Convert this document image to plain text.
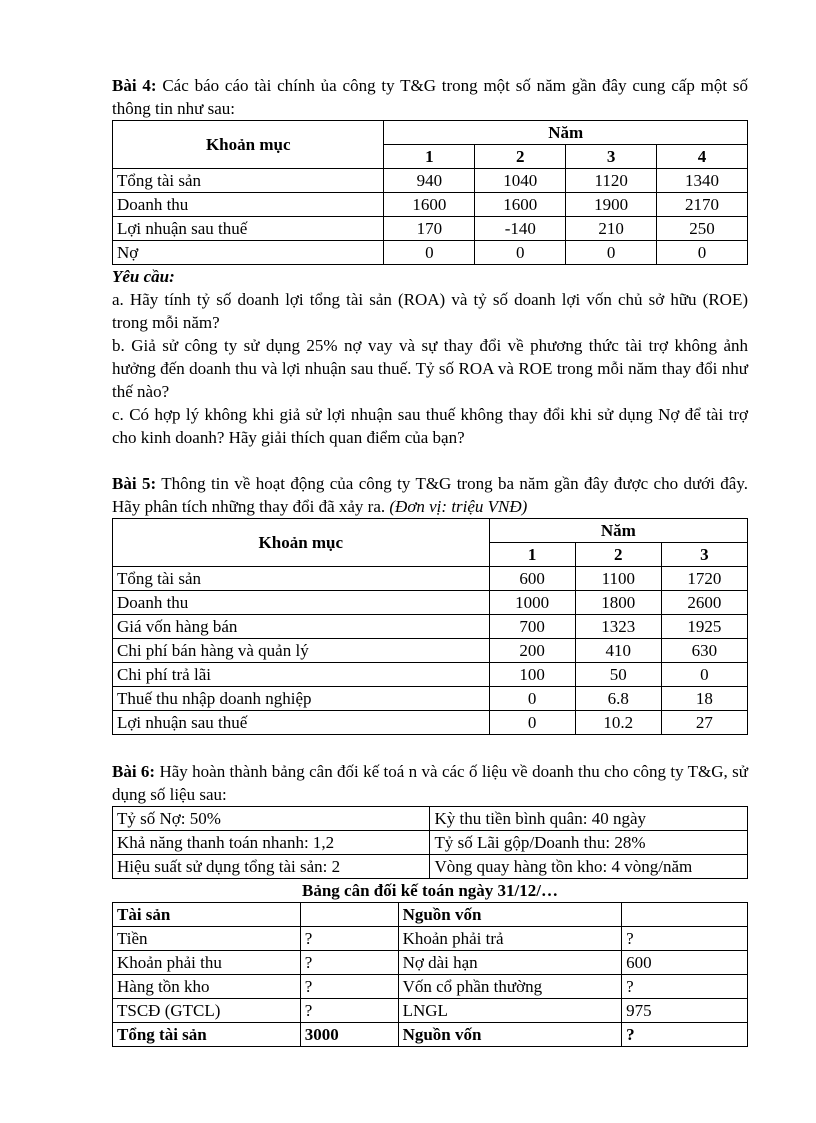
Bài 4: Các báo cáo tài chính ủa công ty T&G trong một số năm gần đây cung cấp một số thông tin như sau:

Khoản mục	Năm			
	1	2	3	4
Tổng tài sản	940	1040	1120	1340
Doanh thu	1600	1600	1900	2170
Lợi nhuận sau thuế	170	-140	210	250
Nợ	0	0	0	0

Yêu cầu:

a. Hãy tính tỷ số doanh lợi tổng tài sản (ROA) và tỷ số doanh lợi vốn chủ sở hữu (ROE) trong mỗi năm?

b. Giả sử công ty sử dụng 25% nợ vay và sự thay đổi về phương thức tài trợ không ảnh hưởng đến doanh thu và lợi nhuận sau thuế. Tỷ số ROA và ROE trong mỗi năm thay đổi như thế nào?

c. Có hợp lý không khi giả sử lợi nhuận sau thuế không thay đổi khi sử dụng Nợ để tài trợ cho kinh doanh? Hãy giải thích quan điểm của bạn?

Bài 5: Thông tin về hoạt động của công ty T&G trong ba năm gần đây được cho dưới đây. Hãy phân tích những thay đổi đã xảy ra. (Đơn vị: triệu VNĐ)

Khoản mục	Năm		
	1	2	3
Tổng tài sản	600	1100	1720
Doanh thu	1000	1800	2600
Giá vốn hàng bán	700	1323	1925
Chi phí bán hàng và quản lý	200	410	630
Chi phí trả lãi	100	50	0
Thuế thu nhập doanh nghiệp	0	6.8	18
Lợi nhuận sau thuế	0	10.2	27

Bài 6: Hãy hoàn thành bảng cân đối kế toá n và các ố liệu về doanh thu cho công ty T&G, sử dụng số liệu sau:

Tỷ số Nợ: 50%	Kỳ thu tiền bình quân: 40 ngày
Khả năng thanh toán nhanh: 1,2	Tỷ số Lãi gộp/Doanh thu: 28%
Hiệu suất sử dụng tổng tài sản: 2	Vòng quay hàng tồn kho: 4 vòng/năm

Bảng cân đối kế toán ngày 31/12/…

Tài sản		Nguồn vốn	
Tiền	?	Khoản phải trả	?
Khoản phải thu	?	Nợ dài hạn	600
Hàng tồn kho	?	Vốn cổ phần thường	?
TSCĐ (GTCL)	?	LNGL	975
Tổng tài sản	3000	Nguồn vốn	?
